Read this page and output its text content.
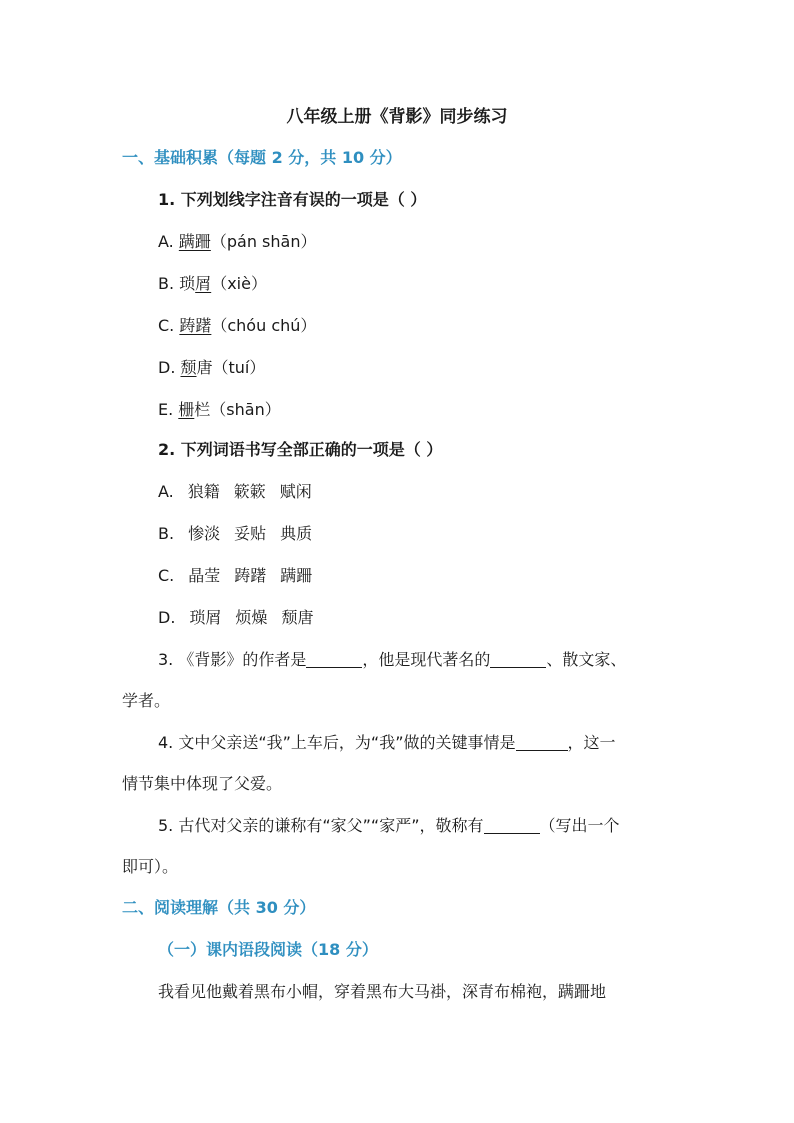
八年级上册《背影》同步练习
一、基础积累（每题 2 分，共 10 分）
1. 下列划线字注音有误的一项是（ ）
A. 蹒跚（pán shān）
B. 琐屑（xiè）
C. 踌躇（chóu chú）
D. 颓唐（tuí）
E. 栅栏（shān）
2. 下列词语书写全部正确的一项是（ ）
A. 狼籍 簌簌 赋闲
B. 惨淡 妥贴 典质
C. 晶莹 踌躇 蹒跚
D. 琐屑 烦燥 颓唐
3. 《背影》的作者是	，他是现代著名的	、散文家、
学者。
4. 文中父亲送“我”上车后，为“我”做的关键事情是	，这一
情节集中体现了父爱。
5. 古代对父亲的谦称有“家父”“家严”，敬称有	（写出一个
即可）。
二、阅读理解（共 30 分）
（一）课内语段阅读（18 分）
我看见他戴着黑布小帽，穿着黑布大马褂，深青布棉袍，蹒跚地
